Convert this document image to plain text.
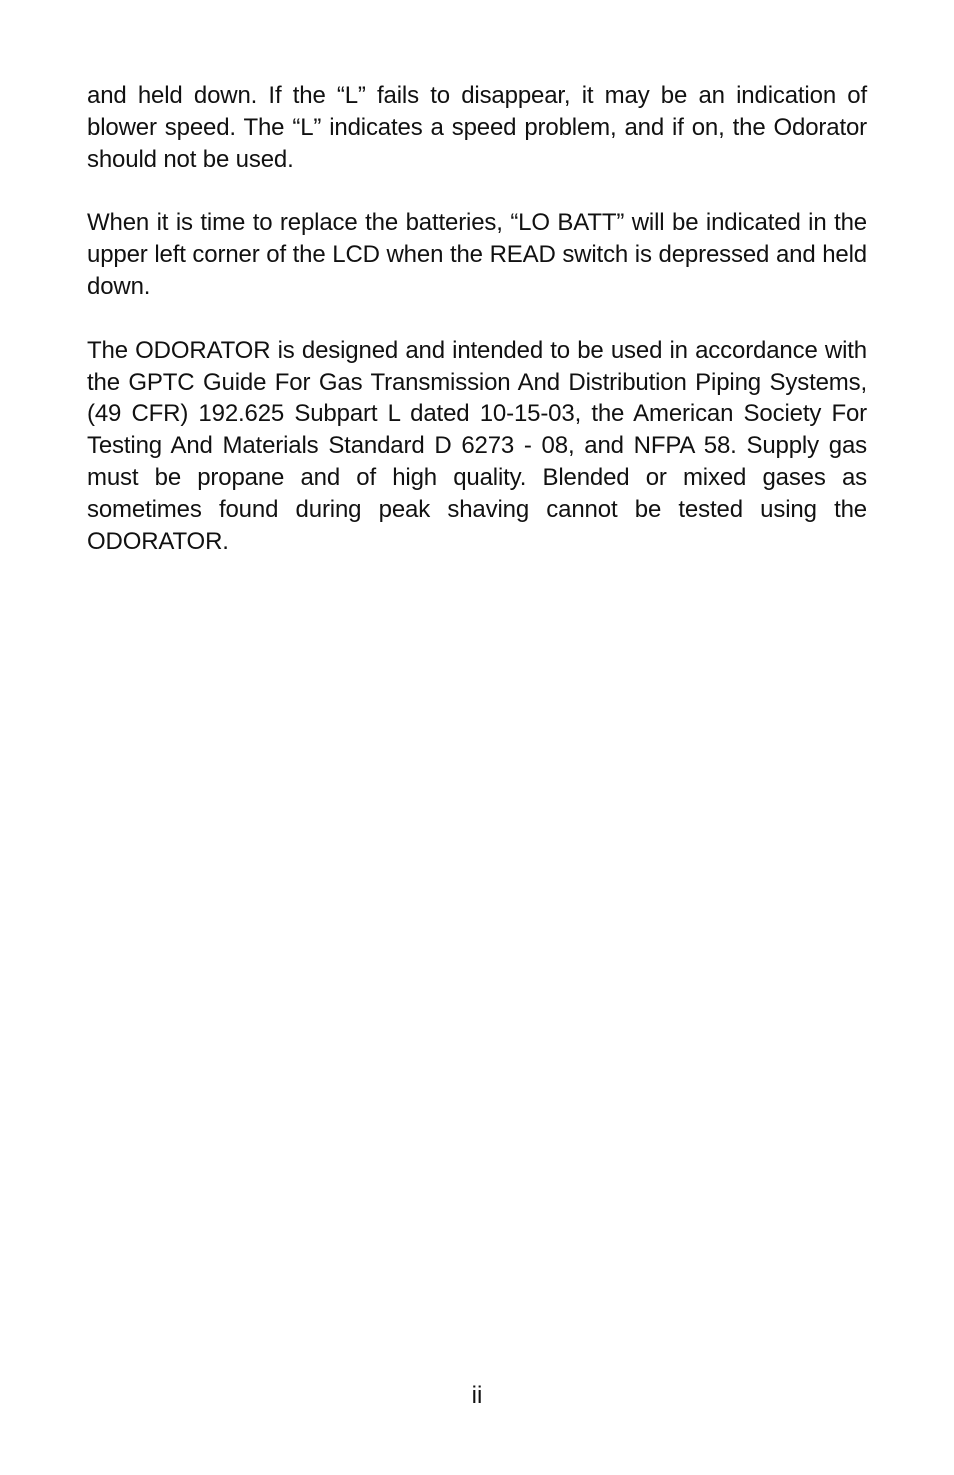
and held down. If the “L” fails to disappear, it may be an indication of blower speed. The “L” indicates a speed problem, and if on, the Odorator should not be used.

When it is time to replace the batteries, “LO BATT” will be indicated in the upper left corner of the LCD when the READ switch is depressed and held down.

The ODORATOR is designed and intended to be used in accordance with the GPTC Guide For Gas Transmission And Distribution Piping Systems, (49 CFR) 192.625 Subpart L dated 10-15-03, the American Society For Testing And Materials Standard D 6273 - 08, and NFPA 58. Supply gas must be propane and of high quality. Blended or mixed gases as sometimes found during peak shaving cannot be tested using the ODORATOR.

ii
